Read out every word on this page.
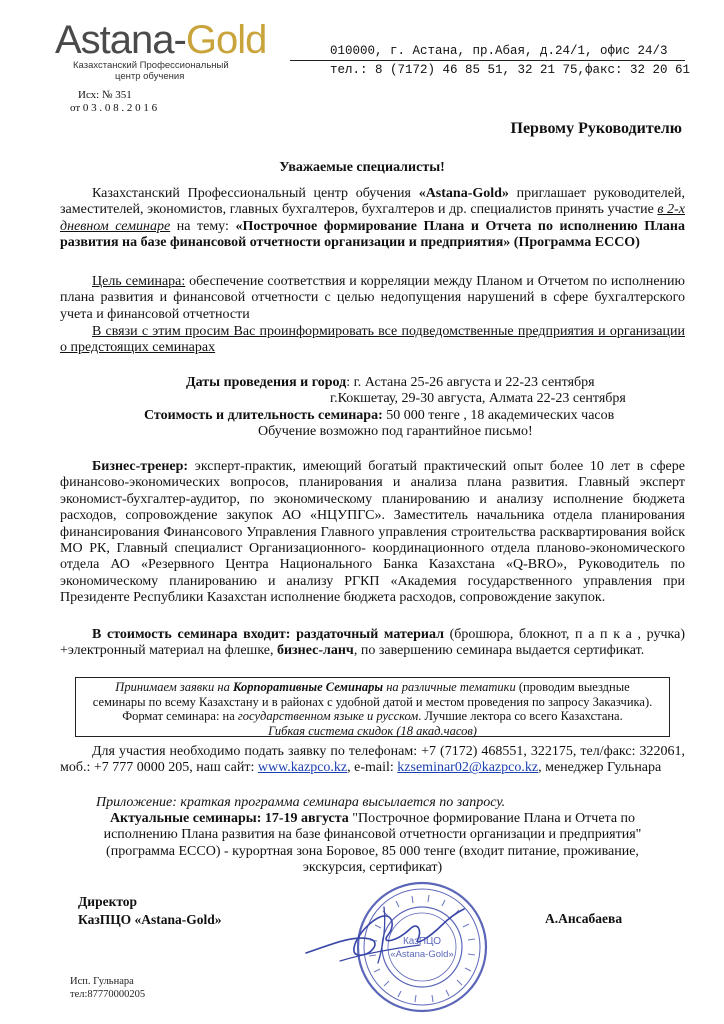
Astana-Gold
Казахстанский Профессиональный
центр обучения
010000, г. Астана, пр.Абая, д.24/1, офис 24/3
тел.: 8 (7172) 46 85 51, 32 21 75,факс: 32 20 61
Исх: № 351
от 0 3 . 0 8 . 2 0 1 6
Первому Руководителю
Уважаемые специалисты!
Казахстанский Профессиональный центр обучения «Astana-Gold» приглашает руководителей, заместителей, экономистов, главных бухгалтеров, бухгалтеров и др. специалистов принять участие в 2-х дневном семинаре на тему: «Построчное формирование Плана и Отчета по исполнению Плана развития на базе финансовой отчетности организации и предприятия» (Программа ЕССО)
Цель семинара: обеспечение соответствия и корреляции между Планом и Отчетом по исполнению плана развития и финансовой отчетности с целью недопущения нарушений в сфере бухгалтерского учета и финансовой отчетности
В связи с этим просим Вас проинформировать все подведомственные предприятия и организации о предстоящих семинарах
Даты проведения и город: г. Астана 25-26 августа и 22-23 сентября
г.Кокшетау, 29-30 августа, Алмата 22-23 сентября
Стоимость и длительность семинара: 50 000 тенге , 18 академических часов
Обучение возможно под гарантийное письмо!
Бизнес-тренер: эксперт-практик, имеющий богатый практический опыт более 10 лет в сфере финансово-экономических вопросов, планирования и анализа плана развития. Главный эксперт экономист-бухгалтер-аудитор, по экономическому планированию и анализу исполнение бюджета расходов, сопровождение закупок АО «НЦУПГС». Заместитель начальника отдела планирования финансирования Финансового Управления Главного управления строительства расквартирования войск МО РК, Главный специалист Организационного- координационного отдела планово-экономического отдела АО «Резервного Центра Национального Банка Казахстана «Q-BRO», Руководитель по экономическому планированию и анализу РГКП «Академия государственного управления при Президенте Республики Казахстан исполнение бюджета расходов, сопровождение закупок.
В стоимость семинара входит: раздаточный материал (брошюра, блокнот, п а п к а , ручка) +электронный материал на флешке, бизнес-ланч, по завершению семинара выдается сертификат.
Принимаем заявки на Корпоративные Семинары на различные тематики (проводим выездные
семинары по всему Казахстану и в районах с удобной датой и местом проведения по запросу Заказчика).
Формат семинара: на государственном языке и русском. Лучшие лектора со всего Казахстана.
Гибкая система скидок (18 акад.часов)
Для участия необходимо подать заявку по телефонам: +7 (7172) 468551, 322175, тел/факс: 322061, моб.: +7 777 0000 205, наш сайт: www.kazpco.kz, e-mail: kzseminar02@kazpco.kz, менеджер Гульнара
Приложение: краткая программа семинара высылается по запросу.
Актуальные семинары: 17-19 августа "Построчное формирование Плана и Отчета по исполнению Плана развития на базе финансовой отчетности организации и предприятия" (программа ЕССО) - курортная зона Боровое, 85 000 тенге (входит питание, проживание, экскурсия, сертификат)
Директор
КазПЦО «Astana-Gold»	А.Ансабаева
КазПЦО
«Astana-Gold»
Исп. Гульнара
тел:87770000205
